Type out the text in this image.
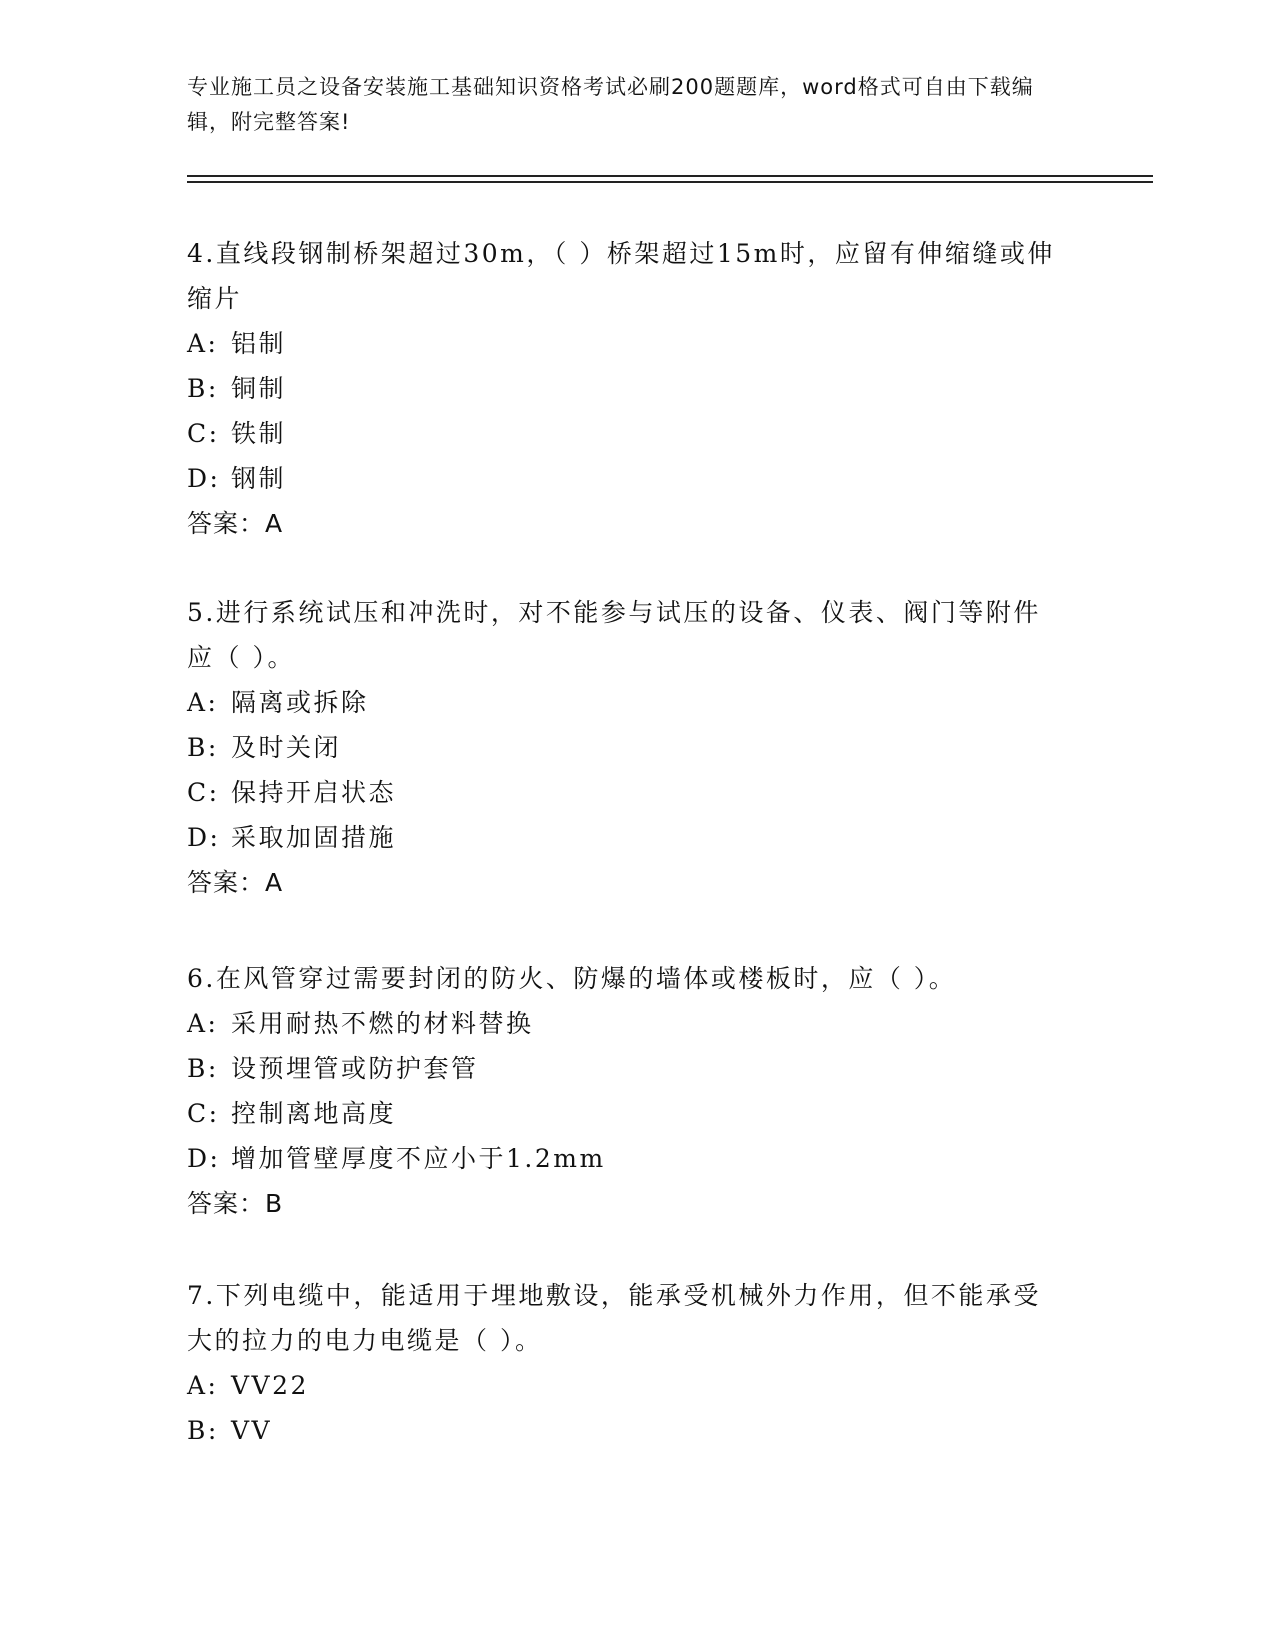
专业施工员之设备安装施工基础知识资格考试必刷200题题库，word格式可自由下载编辑，附完整答案!
4.直线段钢制桥架超过30m，（ ）桥架超过15m时，应留有伸缩缝或伸缩片
A: 铝制
B: 铜制
C: 铁制
D: 钢制
答案：A
5.进行系统试压和冲洗时，对不能参与试压的设备、仪表、阀门等附件应（ ）。
A: 隔离或拆除
B: 及时关闭
C: 保持开启状态
D: 采取加固措施
答案：A
6.在风管穿过需要封闭的防火、防爆的墙体或楼板时，应（ ）。
A: 采用耐热不燃的材料替换
B: 设预埋管或防护套管
C: 控制离地高度
D: 增加管壁厚度不应小于1.2mm
答案：B
7.下列电缆中，能适用于埋地敷设，能承受机械外力作用，但不能承受大的拉力的电力电缆是（ ）。
A: VV22
B: VV
